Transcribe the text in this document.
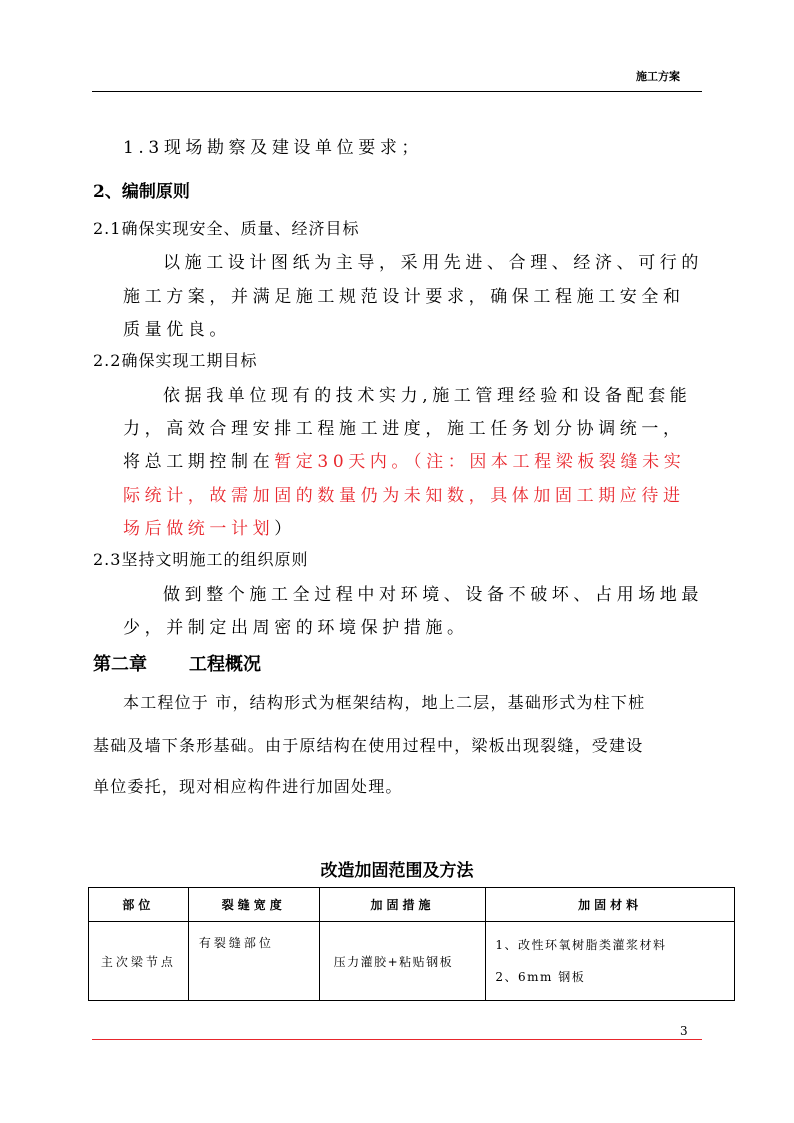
施工方案
1.3现场勘察及建设单位要求；
2、编制原则
2.1确保实现安全、质量、经济目标
以施工设计图纸为主导，采用先进、合理、经济、可行的
施工方案，并满足施工规范设计要求，确保工程施工安全和
质量优良。
2.2确保实现工期目标
依据我单位现有的技术实力,施工管理经验和设备配套能
力，高效合理安排工程施工进度，施工任务划分协调统一，
将总工期控制在暂定30天内。（注：因本工程梁板裂缝未实
际统计，故需加固的数量仍为未知数，具体加固工期应待进
场后做统一计划）
2.3坚持文明施工的组织原则
做到整个施工全过程中对环境、设备不破坏、占用场地最
少，并制定出周密的环境保护措施。
第二章 工程概况
本工程位于 市，结构形式为框架结构，地上二层，基础形式为柱下桩
基础及墙下条形基础。由于原结构在使用过程中，梁板出现裂缝，受建设
单位委托，现对相应构件进行加固处理。
改造加固范围及方法
部位	裂缝宽度	加固措施	加固材料
主次梁节点	有裂缝部位	压力灌胶+粘贴钢板	1、改性环氧树脂类灌浆材料
2、6mm 钢板
3
